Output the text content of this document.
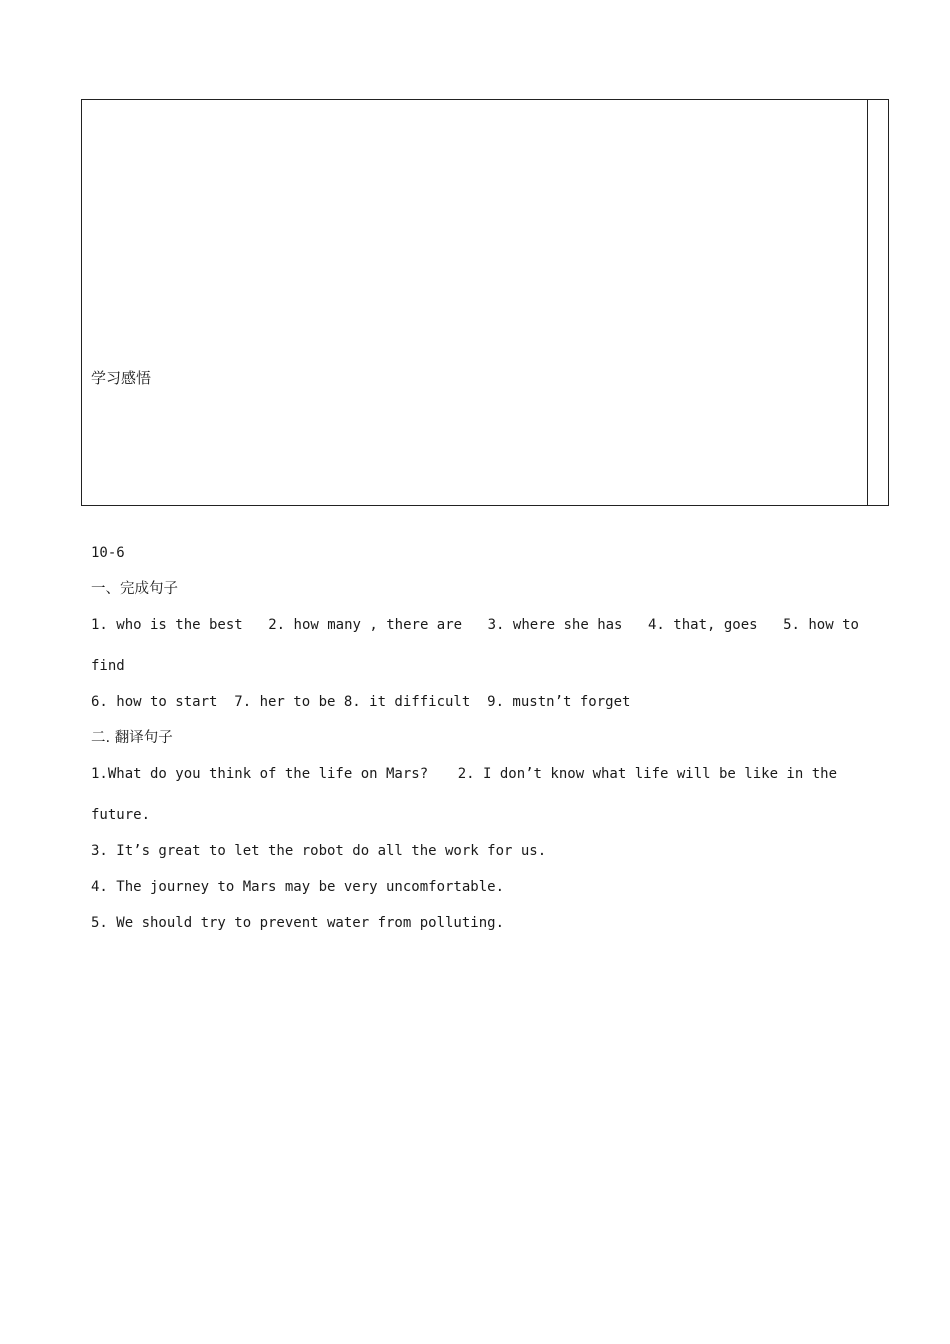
学习感悟
10-6
一、完成句子
1. who is the best 2. how many , there are 3. where she has 4. that, goes 5. how to
find
6. how to start  7. her to be 8. it difficult  9. mustn’t forget
二. 翻译句子
1.What do you think of the life on Mars? 2. I don’t know what life will be like in the
future.
3. It’s great to let the robot do all the work for us.
4. The journey to Mars may be very uncomfortable.
5. We should try to prevent water from polluting.
